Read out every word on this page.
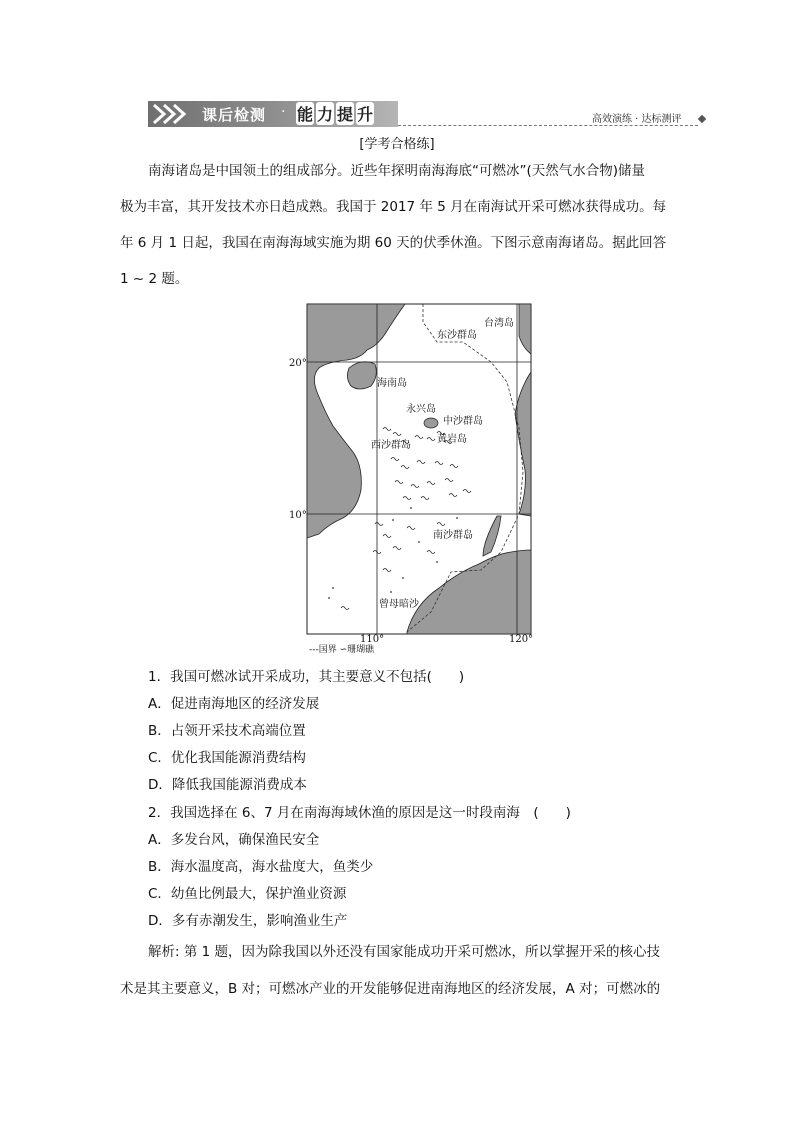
课后检测 · 能 力 提 升	高效演练 · 达标测评
[学考合格练]

南海诸岛是中国领土的组成部分。近些年探明南海海底“可燃冰”(天然气水合物)储量

极为丰富，其开发技术亦日趋成熟。我国于 2017 年 5 月在南海试开采可燃冰获得成功。每

年 6 月 1 日起，我国在南海海域实施为期 60 天的伏季休渔。下图示意南海诸岛。据此回答

1 ~ 2 题。

20°
10°
110°	120°
台湾岛
东沙群岛
海南岛
永兴岛
中沙群岛
西沙群岛
黄岩岛
南沙群岛
曾母暗沙
---国界 ∽珊瑚礁
1．我国可燃冰试开采成功，其主要意义不包括(　　)
A．促进南海地区的经济发展
B．占领开采技术高端位置
C．优化我国能源消费结构
D．降低我国能源消费成本
2．我国选择在 6、7 月在南海海域休渔的原因是这一时段南海　(　　)
A．多发台风，确保渔民安全
B．海水温度高，海水盐度大，鱼类少
C．幼鱼比例最大，保护渔业资源
D．多有赤潮发生，影响渔业生产

解析: 第 1 题，因为除我国以外还没有国家能成功开采可燃冰，所以掌握开采的核心技

术是其主要意义，B 对；可燃冰产业的开发能够促进南海地区的经济发展，A 对；可燃冰的
